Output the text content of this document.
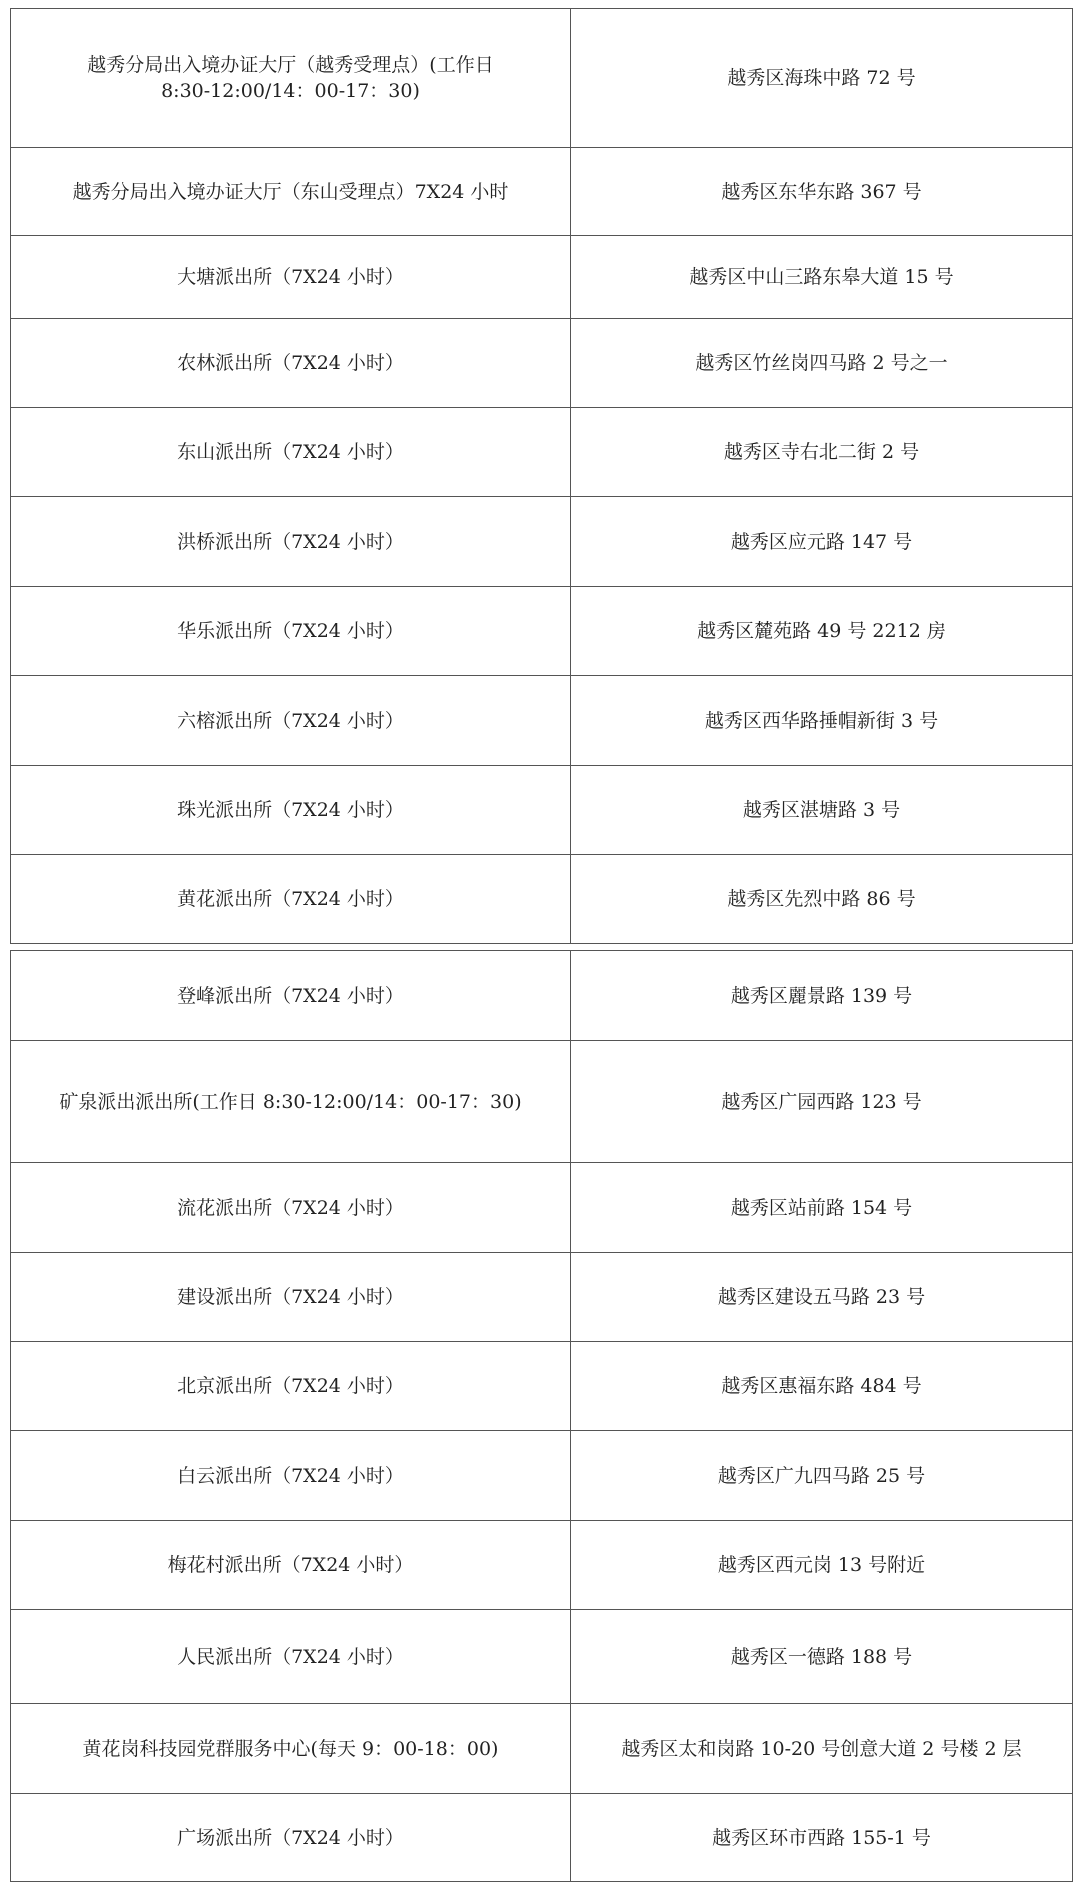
越秀分局出入境办证大厅（越秀受理点）(工作日 8:30-12:00/14：00-17：30)	越秀区海珠中路 72 号

越秀分局出入境办证大厅（东山受理点）7X24 小时	越秀区东华东路 367 号
大塘派出所（7X24 小时）	越秀区中山三路东皋大道 15 号

农林派出所（7X24 小时）	越秀区竹丝岗四马路 2 号之一

东山派出所（7X24 小时）	越秀区寺右北二街 2 号

洪桥派出所（7X24 小时）	越秀区应元路 147 号

华乐派出所（7X24 小时）	越秀区麓苑路 49 号 2212 房

六榕派出所（7X24 小时）	越秀区西华路捶帽新街 3 号

珠光派出所（7X24 小时）	越秀区湛塘路 3 号

黄花派出所（7X24 小时）	越秀区先烈中路 86 号
登峰派出所（7X24 小时）	越秀区麗景路 139 号

矿泉派出派出所(工作日 8:30-12:00/14：00-17：30)	越秀区广园西路 123 号

流花派出所（7X24 小时）	越秀区站前路 154 号

建设派出所（7X24 小时）	越秀区建设五马路 23 号

北京派出所（7X24 小时）	越秀区惠福东路 484 号

白云派出所（7X24 小时）	越秀区广九四马路 25 号

梅花村派出所（7X24 小时）	越秀区西元岗 13 号附近

人民派出所（7X24 小时）	越秀区一德路 188 号
黄花岗科技园党群服务中心(每天 9：00-18：00)	越秀区太和岗路 10-20 号创意大道 2 号楼 2 层

广场派出所（7X24 小时）	越秀区环市西路 155-1 号
